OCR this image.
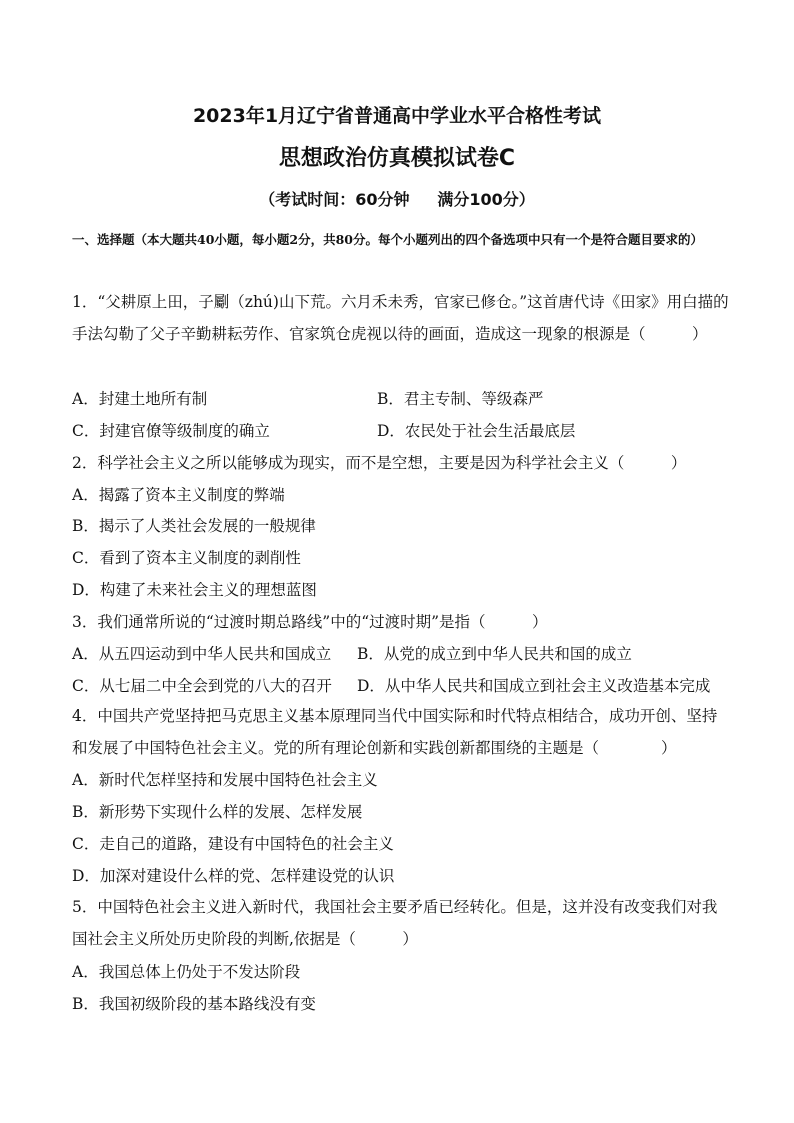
2023年1月辽宁省普通高中学业水平合格性考试
思想政治仿真模拟试卷C
（考试时间：60分钟     满分100分）
一、选择题（本大题共40小题，每小题2分，共80分。每个小题列出的四个备选项中只有一个是符合题目要求的）
1．“父耕原上田，子劚（zhú)山下荒。六月禾未秀，官家已修仓。”这首唐代诗《田家》用白描的手法勾勒了父子辛勤耕耘劳作、官家筑仓虎视以待的画面，造成这一现象的根源是（　　　）
A．封建土地所有制	B．君主专制、等级森严
C．封建官僚等级制度的确立	D．农民处于社会生活最底层
2．科学社会主义之所以能够成为现实，而不是空想，主要是因为科学社会主义（　　　）
A．揭露了资本主义制度的弊端
B．揭示了人类社会发展的一般规律
C．看到了资本主义制度的剥削性
D．构建了未来社会主义的理想蓝图
3．我们通常所说的“过渡时期总路线”中的“过渡时期”是指（　　　）
A．从五四运动到中华人民共和国成立 B．从党的成立到中华人民共和国的成立
C．从七届二中全会到党的八大的召开 D．从中华人民共和国成立到社会主义改造基本完成
4．中国共产党坚持把马克思主义基本原理同当代中国实际和时代特点相结合，成功开创、坚持和发展了中国特色社会主义。党的所有理论创新和实践创新都围绕的主题是（　　　　）
A．新时代怎样坚持和发展中国特色社会主义
B．新形势下实现什么样的发展、怎样发展
C．走自己的道路，建设有中国特色的社会主义
D．加深对建设什么样的党、怎样建设党的认识
5．中国特色社会主义进入新时代，我国社会主要矛盾已经转化。但是，这并没有改变我们对我国社会主义所处历史阶段的判断,依据是（　　　）
A．我国总体上仍处于不发达阶段
B．我国初级阶段的基本路线没有变
